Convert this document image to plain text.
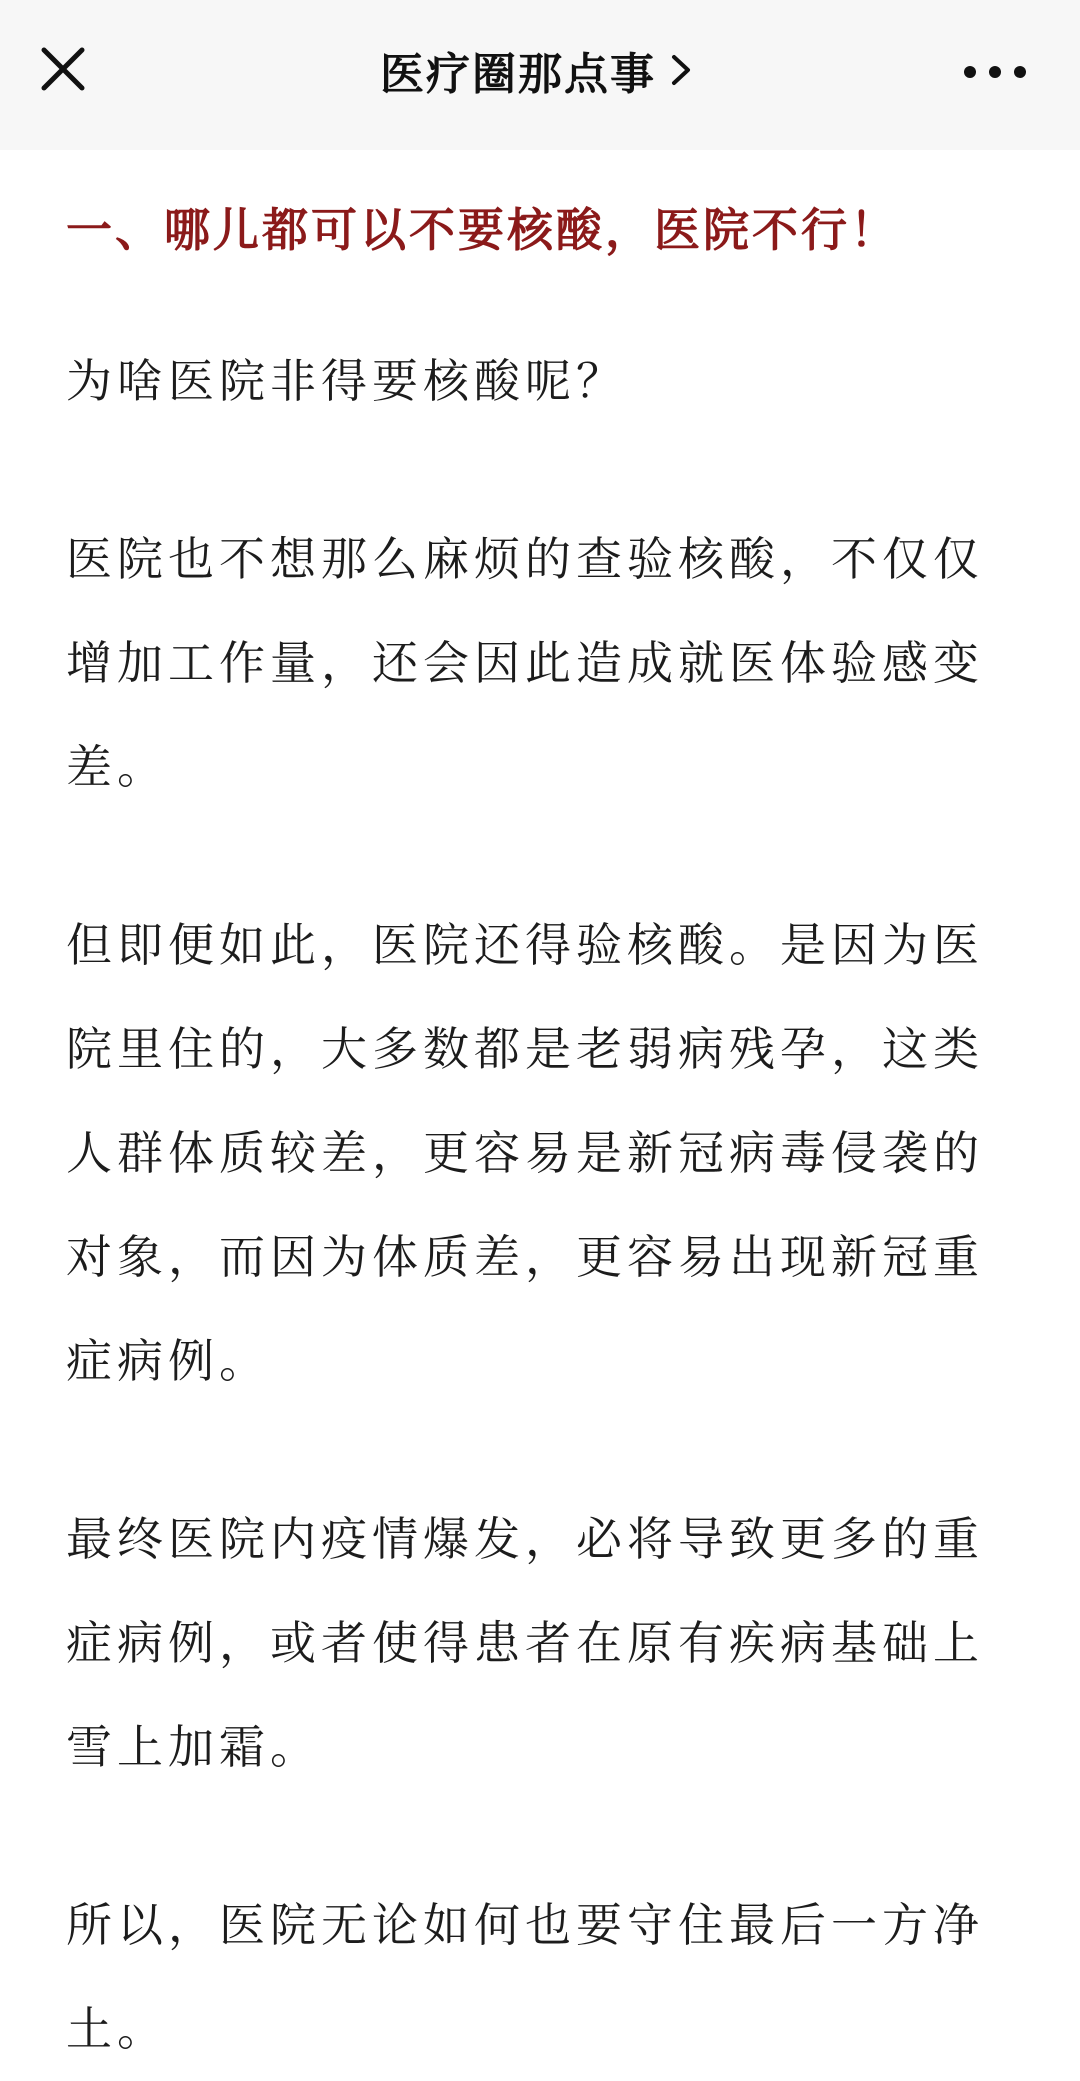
医疗圈那点事
一、哪儿都可以不要核酸，医院不行！

为啥医院非得要核酸呢？

医院也不想那么麻烦的查验核酸，不仅仅增加工作量，还会因此造成就医体验感变差。

但即便如此，医院还得验核酸。是因为医院里住的，大多数都是老弱病残孕，这类人群体质较差，更容易是新冠病毒侵袭的对象，而因为体质差，更容易出现新冠重症病例。

最终医院内疫情爆发，必将导致更多的重症病例，或者使得患者在原有疾病基础上雪上加霜。

所以，医院无论如何也要守住最后一方净土。
